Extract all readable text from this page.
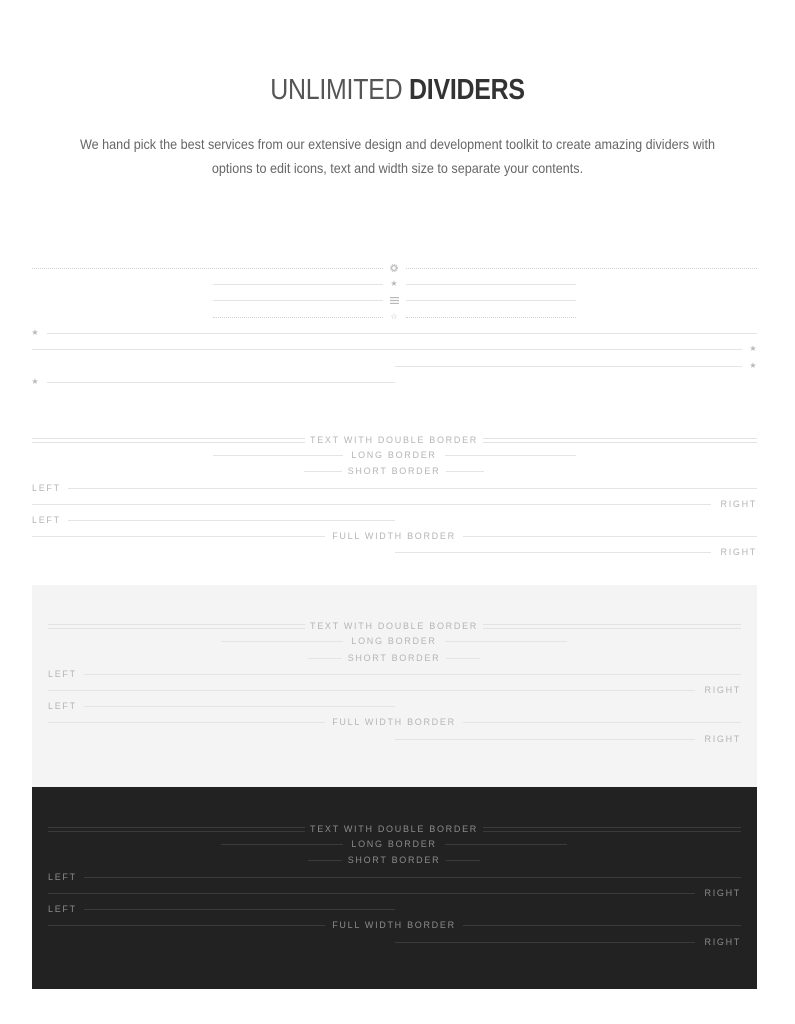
UNLIMITED DIVIDERS
We hand pick the best services from our extensive design and development toolkit to create amazing dividers with options to edit icons, text and width size to separate your contents.
★
☆
★
★
★
★
TEXT WITH DOUBLE BORDER
LONG BORDER
SHORT BORDER
LEFT
RIGHT
LEFT
FULL WIDTH BORDER
RIGHT
TEXT WITH DOUBLE BORDER
LONG BORDER
SHORT BORDER
LEFT
RIGHT
LEFT
FULL WIDTH BORDER
RIGHT
TEXT WITH DOUBLE BORDER
LONG BORDER
SHORT BORDER
LEFT
RIGHT
LEFT
FULL WIDTH BORDER
RIGHT
